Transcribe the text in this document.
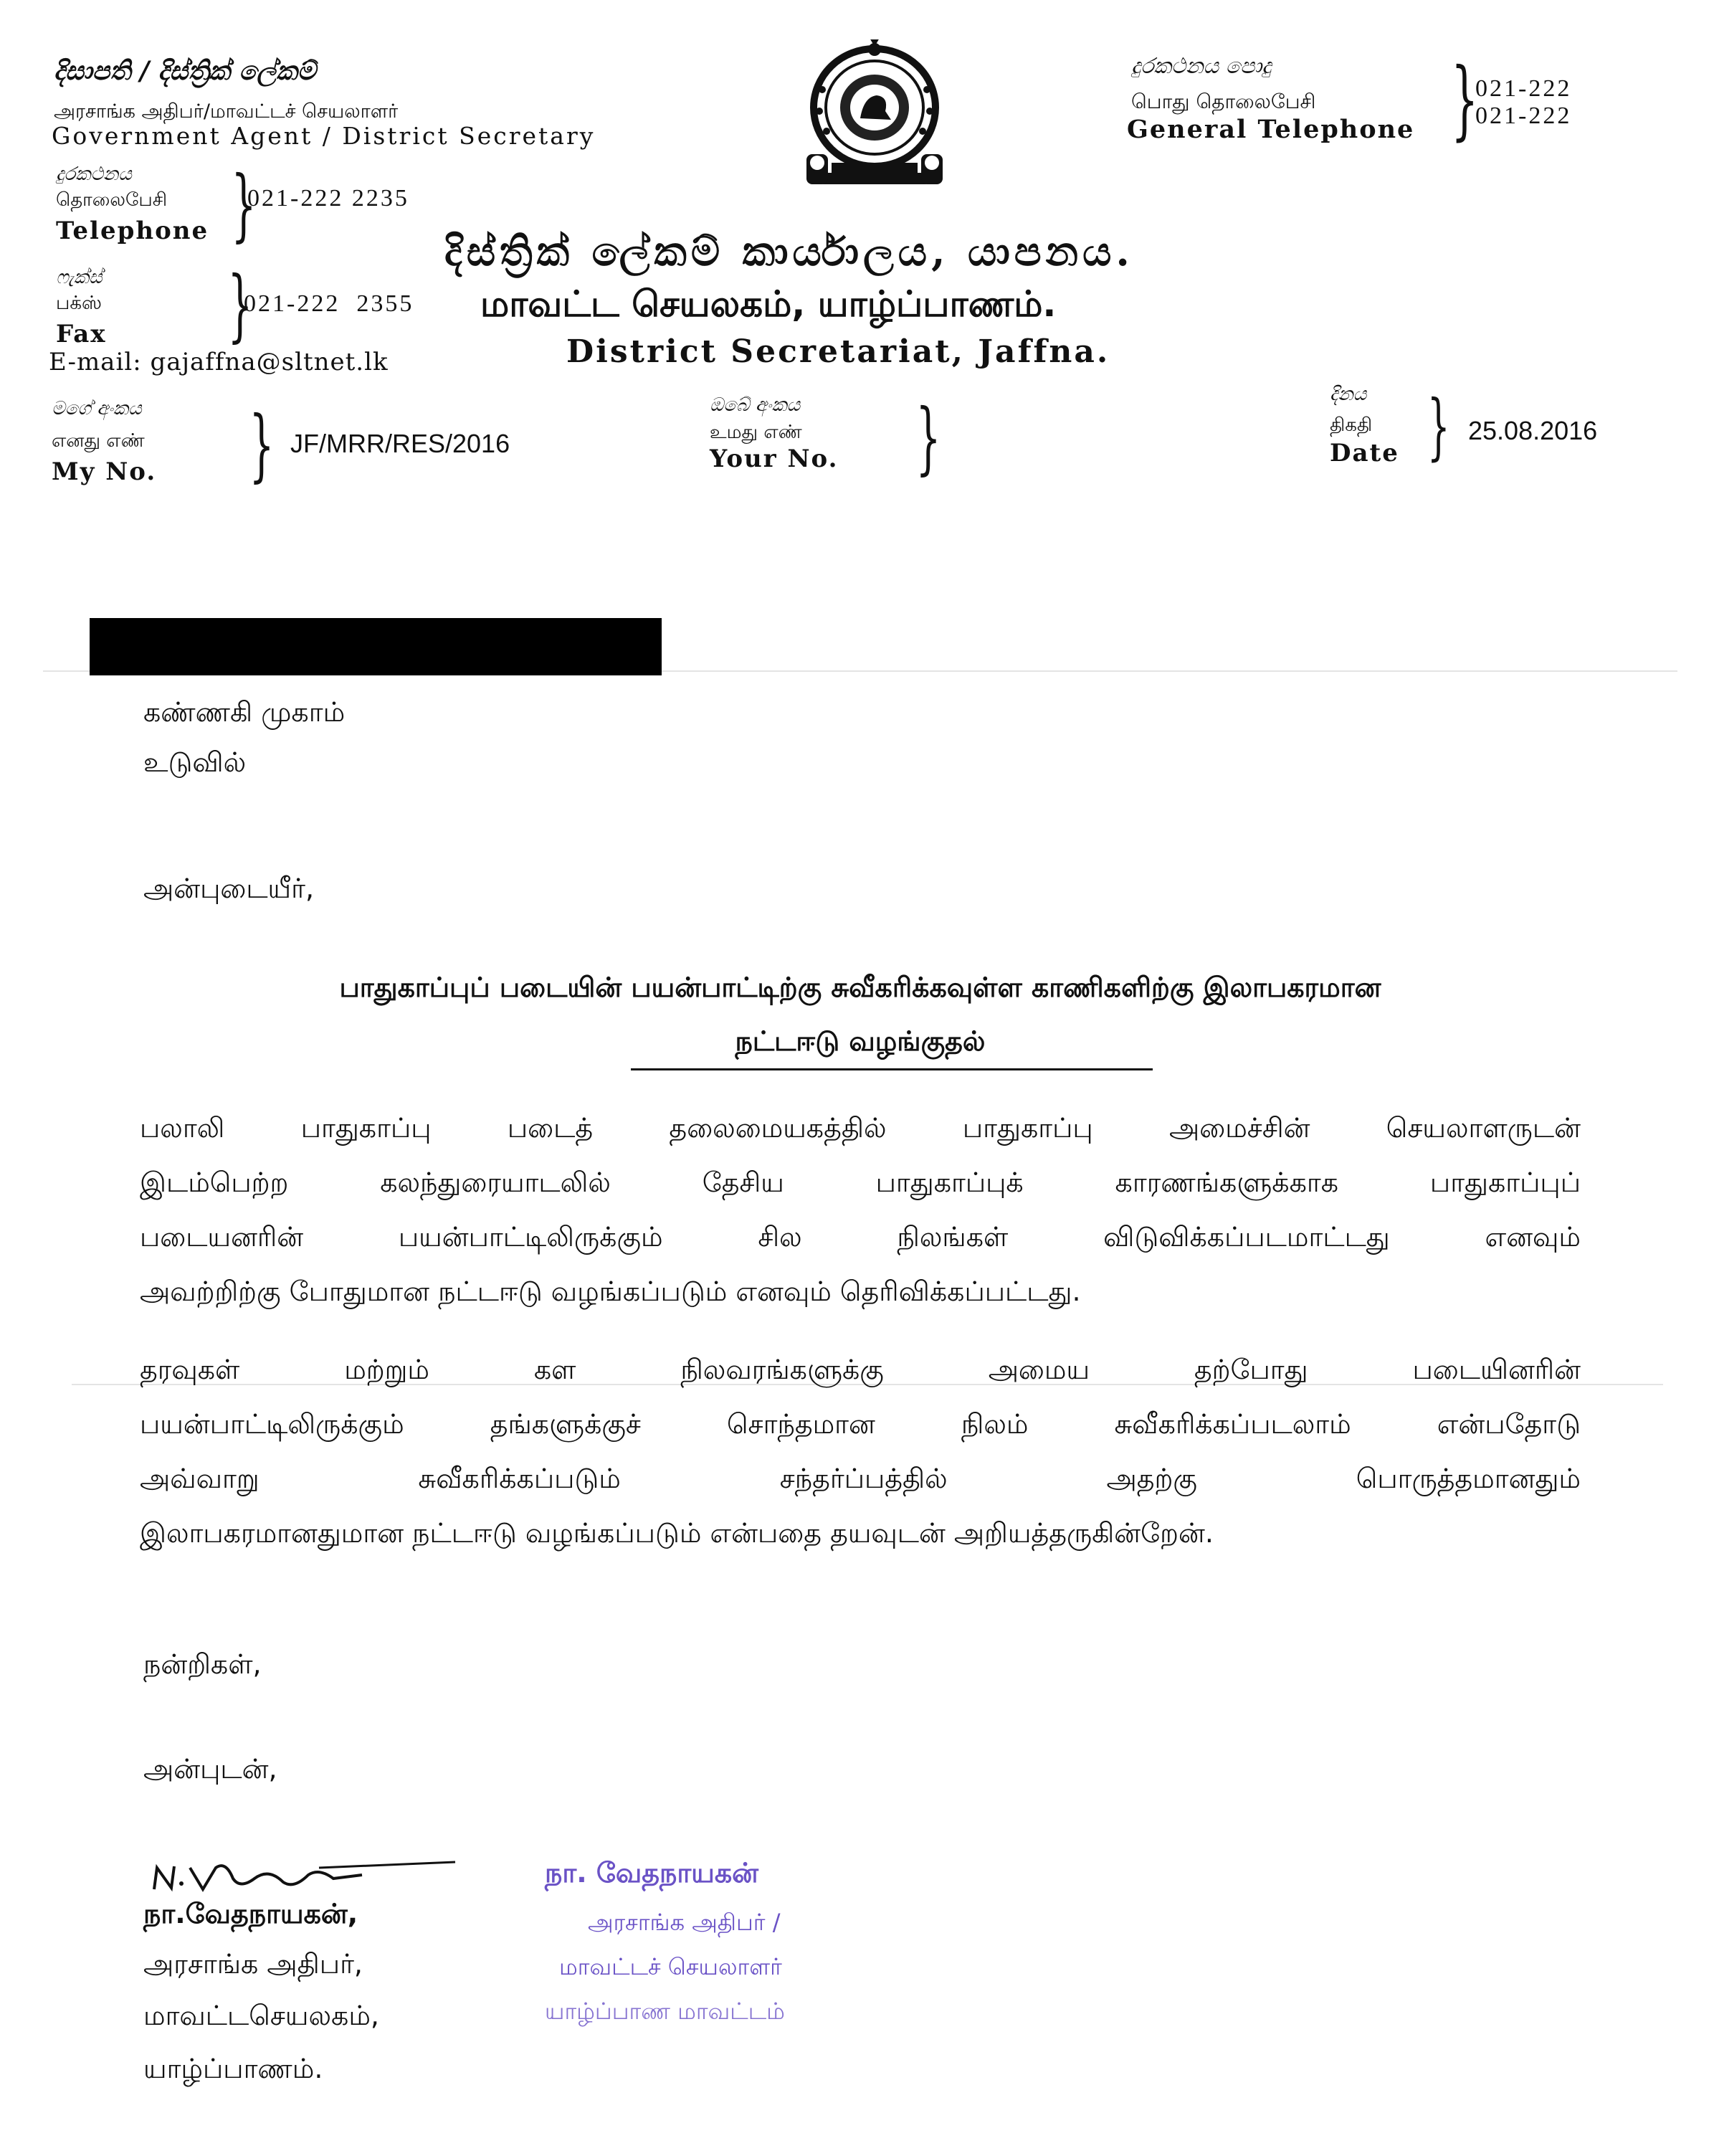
දිසාපති / දිස්ත්‍රික් ලේකම්
அரசாங்க அதிபர்/மாவட்டச் செயலாளர்
Government Agent / District Secretary
දුරකථනය
தொலைபேசி
Telephone }
021-222 2235
ෆැක්ස්
பக்ஸ்
Fax }
021-222  2355
E-mail: gajaffna@sltnet.lk
දුරකථනය පොදු
பொது தொலைபேசி
General Telephone }
021-222
021-222
දිස්ත්‍රික් ලේකම් කාර්යාලය, යාපනය.
மாவட்ட செயலகம், யாழ்ப்பாணம்.
District Secretariat, Jaffna.
මගේ අංකය
எனது எண்
My No. } JF/MRR/RES/2016
ඔබේ අංකය
உமது எண்
Your No. }	දිනය
திகதி
Date } 25.08.2016
கண்ணகி முகாம்
உடுவில்
அன்புடையீர்,
பாதுகாப்புப் படையின் பயன்பாட்டிற்கு சுவீகரிக்கவுள்ள காணிகளிற்கு இலாபகரமான
நட்டஈடு வழங்குதல்
பலாலி பாதுகாப்பு படைத் தலைமையகத்தில் பாதுகாப்பு அமைச்சின் செயலாளருடன்
இடம்பெற்ற கலந்துரையாடலில் தேசிய பாதுகாப்புக் காரணங்களுக்காக பாதுகாப்புப்
படையனரின் பயன்பாட்டிலிருக்கும் சில நிலங்கள் விடுவிக்கப்படமாட்டது எனவும்
அவற்றிற்கு போதுமான நட்டஈடு வழங்கப்படும் எனவும் தெரிவிக்கப்பட்டது.
தரவுகள் மற்றும் கள நிலவரங்களுக்கு அமைய தற்போது படையினரின்
பயன்பாட்டிலிருக்கும் தங்களுக்குச் சொந்தமான நிலம் சுவீகரிக்கப்படலாம் என்பதோடு
அவ்வாறு சுவீகரிக்கப்படும் சந்தர்ப்பத்தில் அதற்கு பொருத்தமானதும்
இலாபகரமானதுமான நட்டஈடு வழங்கப்படும் என்பதை தயவுடன் அறியத்தருகின்றேன்.
நன்றிகள்,
அன்புடன்,
நா.வேதநாயகன்,
அரசாங்க அதிபர்,
மாவட்டசெயலகம்,
யாழ்ப்பாணம்.
நா. வேதநாயகன்
அரசாங்க அதிபர் /
மாவட்டச் செயலாளர்
யாழ்ப்பாண மாவட்டம்
